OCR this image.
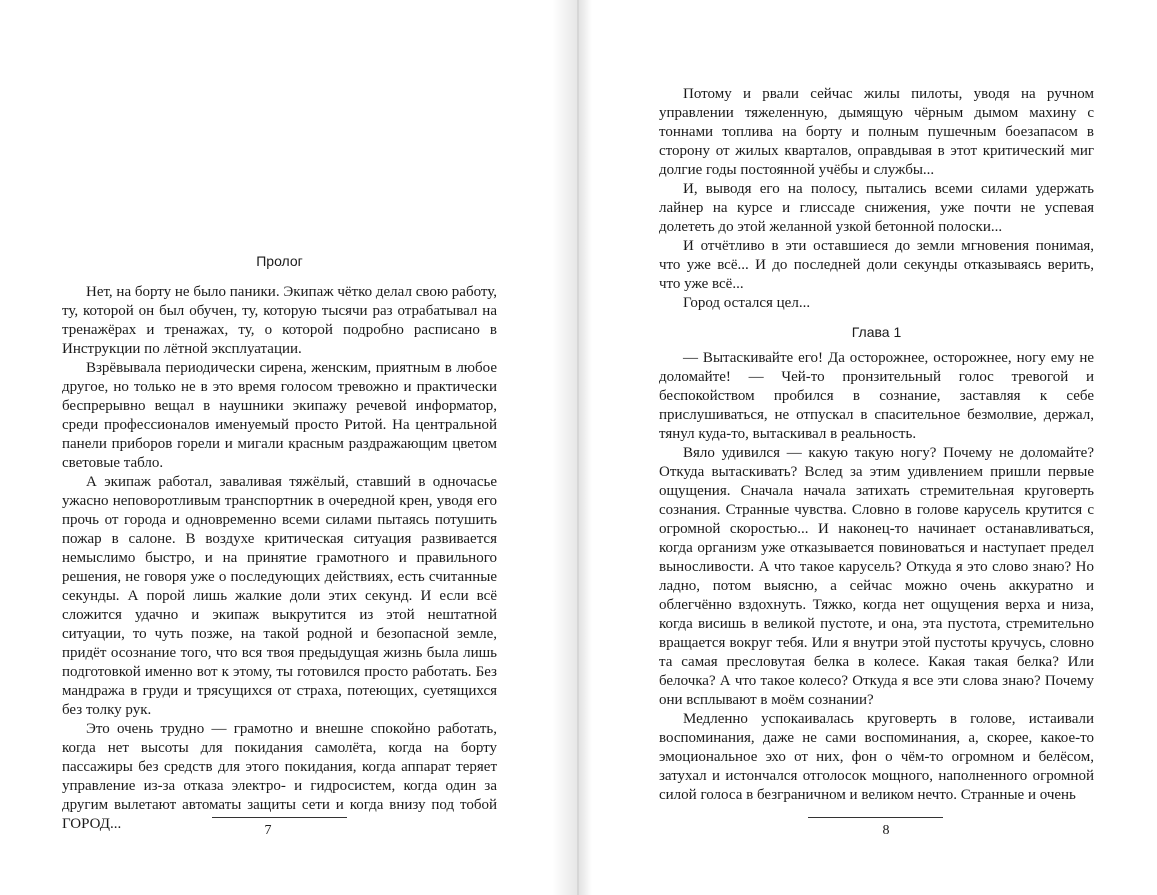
Пролог

Нет, на борту не было паники. Экипаж чётко делал свою работу, ту, которой он был обучен, ту, которую тысячи раз отрабатывал на тренажёрах и тренажах, ту, о которой подробно расписано в Инструкции по лётной эксплуатации.

Взрёвывала периодически сирена, женским, приятным в любое другое, но только не в это время голосом тревожно и практически беспрерывно вещал в наушники экипажу речевой информатор, среди профессионалов именуемый просто Ритой. На центральной панели приборов горели и мигали красным раздражающим цветом световые табло.

А экипаж работал, заваливая тяжёлый, ставший в одночасье ужасно неповоротливым транспортник в очередной крен, уводя его прочь от города и одновременно всеми силами пытаясь потушить пожар в салоне. В воздухе критическая ситуация развивается немыслимо быстро, и на принятие грамотного и правильного решения, не говоря уже о последующих действиях, есть считанные секунды. А порой лишь жалкие доли этих секунд. И если всё сложится удачно и экипаж выкрутится из этой нештатной ситуации, то чуть позже, на такой родной и безопасной земле, придёт осознание того, что вся твоя предыдущая жизнь была лишь подготовкой именно вот к этому, ты готовился просто работать. Без мандража в груди и трясущихся от страха, потеющих, суетящихся без толку рук.

Это очень трудно — грамотно и внешне спокойно работать, когда нет высоты для покидания самолёта, когда на борту пассажиры без средств для этого покидания, когда аппарат теряет управление из-за отказа электро- и гидросистем, когда один за другим вылетают автоматы защиты сети и когда внизу под тобой ГОРОД...	7

Потому и рвали сейчас жилы пилоты, уводя на ручном управлении тяжеленную, дымящую чёрным дымом махину с тоннами топлива на борту и полным пушечным боезапасом в сторону от жилых кварталов, оправдывая в этот критический миг долгие годы постоянной учёбы и службы...

И, выводя его на полосу, пытались всеми силами удержать лайнер на курсе и глиссаде снижения, уже почти не успевая долететь до этой желанной узкой бетонной полоски...

И отчётливо в эти оставшиеся до земли мгновения понимая, что уже всё... И до последней доли секунды отказываясь верить, что уже всё...

Город остался цел...

Глава 1

— Вытаскивайте его! Да осторожнее, осторожнее, ногу ему не доломайте! — Чей-то пронзительный голос тревогой и беспокойством пробился в сознание, заставляя к себе прислушиваться, не отпускал в спасительное безмолвие, держал, тянул куда-то, вытаскивал в реальность.

Вяло удивился — какую такую ногу? Почему не доломайте? Откуда вытаскивать? Вслед за этим удивлением пришли первые ощущения. Сначала начала затихать стремительная круговерть сознания. Странные чувства. Словно в голове карусель крутится с огромной скоростью... И наконец-то начинает останавливаться, когда организм уже отказывается повиноваться и наступает предел выносливости. А что такое карусель? Откуда я это слово знаю? Но ладно, потом выясню, а сейчас можно очень аккуратно и облегчённо вздохнуть. Тяжко, когда нет ощущения верха и низа, когда висишь в великой пустоте, и она, эта пустота, стремительно вращается вокруг тебя. Или я внутри этой пустоты кручусь, словно та самая пресловутая белка в колесе. Какая такая белка? Или белочка? А что такое колесо? Откуда я все эти слова знаю? Почему они всплывают в моём сознании?

Медленно успокаивалась круговерть в голове, истаивали воспоминания, даже не сами воспоминания, а, скорее, какое-то эмоциональное эхо от них, фон о чём-то огромном и белёсом, затухал и истончался отголосок мощного, наполненного огромной силой голоса в безграничном и великом нечто. Странные и очень

8
